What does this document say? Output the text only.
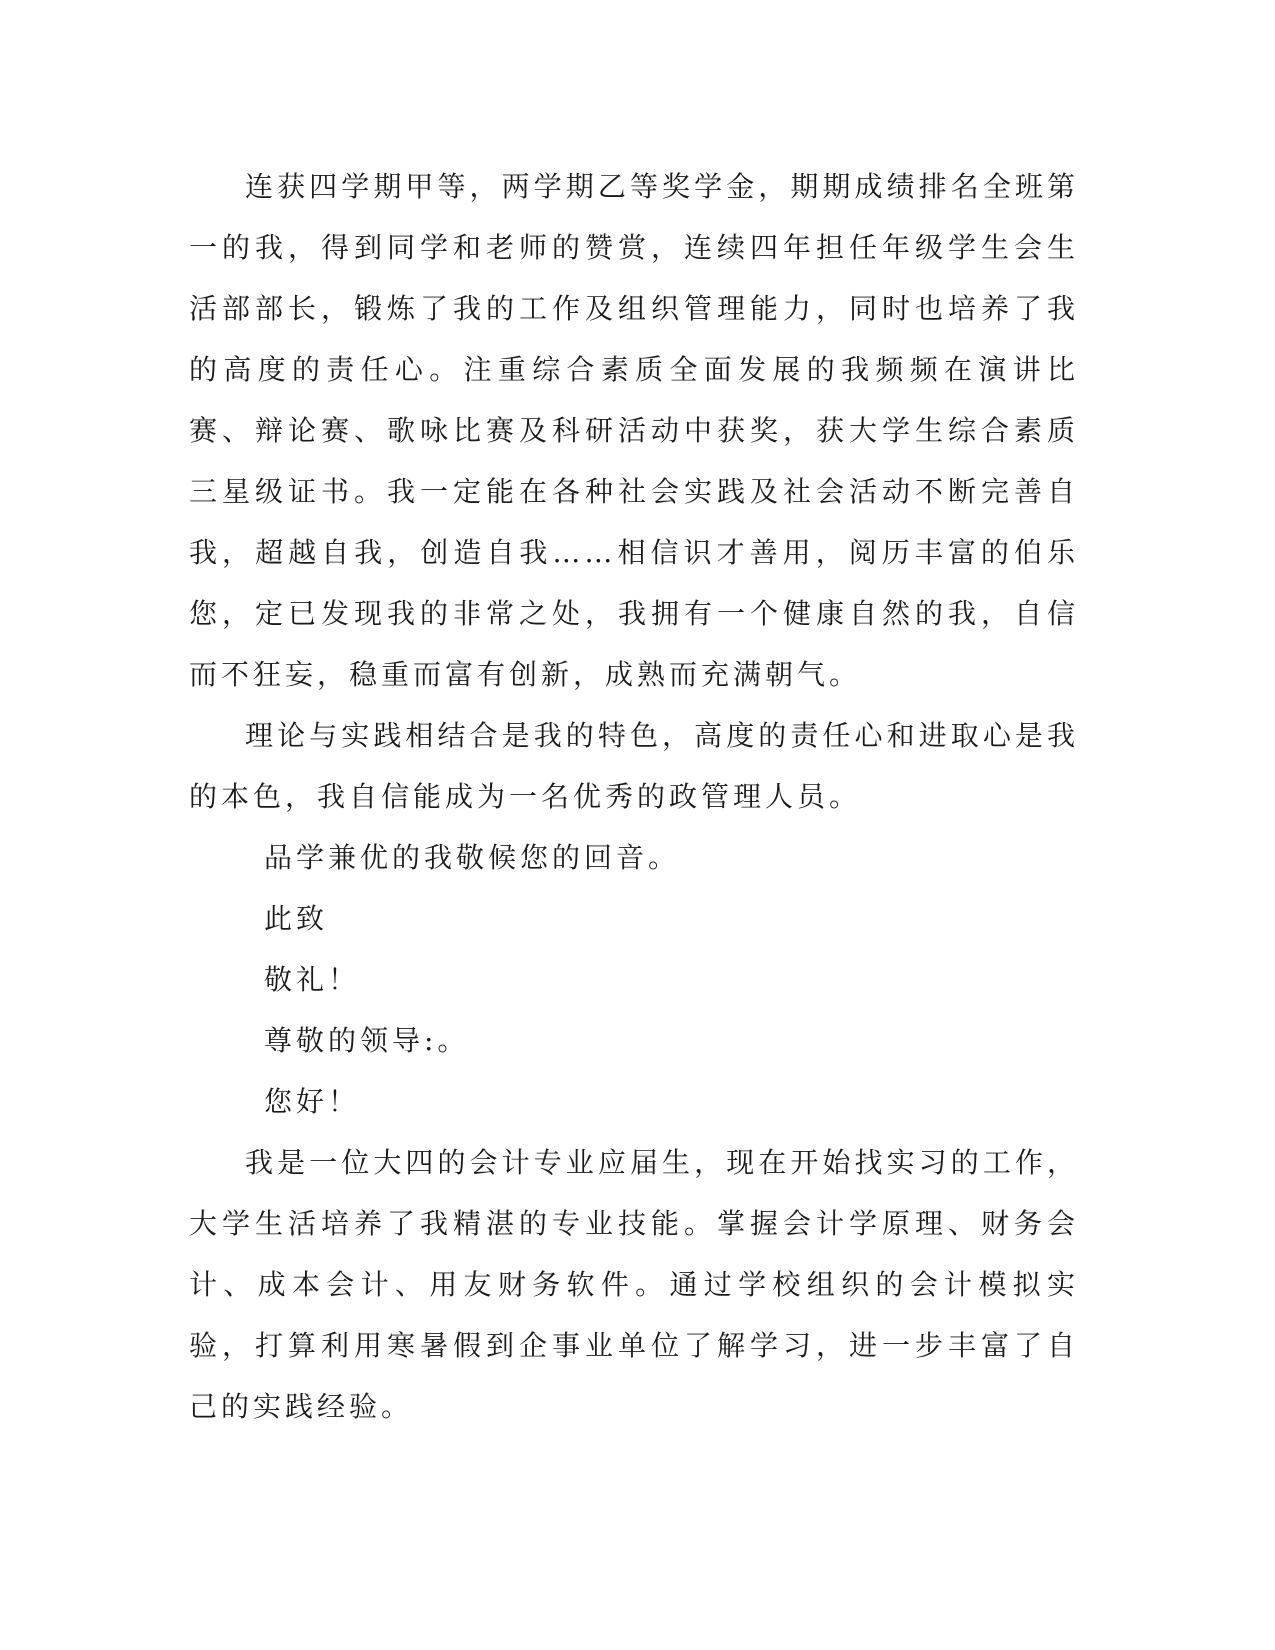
连获四学期甲等，两学期乙等奖学金，期期成绩排名全班第一的我，得到同学和老师的赞赏，连续四年担任年级学生会生活部部长，锻炼了我的工作及组织管理能力，同时也培养了我的高度的责任心。注重综合素质全面发展的我频频在演讲比赛、辩论赛、歌咏比赛及科研活动中获奖，获大学生综合素质三星级证书。我一定能在各种社会实践及社会活动不断完善自我，超越自我，创造自我……相信识才善用，阅历丰富的伯乐您，定已发现我的非常之处，我拥有一个健康自然的我，自信而不狂妄，稳重而富有创新，成熟而充满朝气。

理论与实践相结合是我的特色，高度的责任心和进取心是我的本色，我自信能成为一名优秀的政管理人员。

品学兼优的我敬候您的回音。

此致

敬礼！

尊敬的领导:。

您好！

我是一位大四的会计专业应届生，现在开始找实习的工作，大学生活培养了我精湛的专业技能。掌握会计学原理、财务会计、成本会计、用友财务软件。通过学校组织的会计模拟实验，打算利用寒暑假到企事业单位了解学习，进一步丰富了自己的实践经验。
